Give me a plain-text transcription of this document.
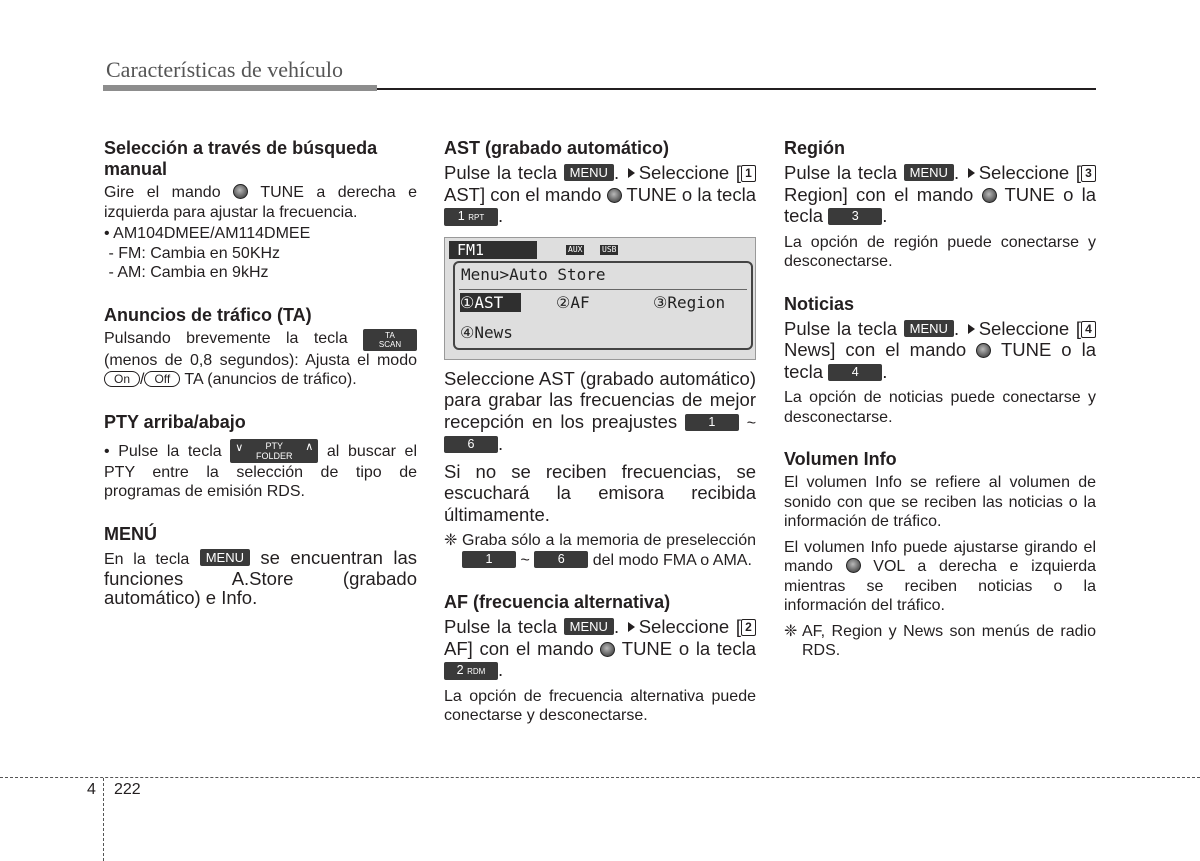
Características de vehículo
Selección a través de búsqueda manual

Gire el mando TUNE a derecha e izquierda para ajustar la frecuencia.

• AM104DMEE/AM114DMEE

- FM: Cambia en 50KHz

- AM: Cambia en 9kHz

Anuncios de tráfico (TA)

Pulsando brevemente la tecla	TA
SCAN (menos de 0,8 segundos): Ajusta el modo On / Off TA (anuncios de tráfico).

PTY arriba/abajo

• Pulse la tecla ∨ PTY
FOLDER
∧ al buscar el PTY entre la selección de tipo de programas de emisión RDS.

MENÚ

En la tecla MENU se encuentran las funciones A.Store (grabado automático) e Info.

AST (grabado automático)

Pulse la tecla MENU . Seleccione [ 1AST] con el mando TUNE o la tecla 1 RPT .

FM1	AUX USB
Menu>Auto Store
①AST	②AF	③Region
④News

Seleccione AST (grabado automático) para grabar las frecuencias de mejor recepción en los preajustes	1 ~ 6 .

Si no se reciben frecuencias, se escuchará la emisora recibida últimamente.

❈ Graba sólo a la memoria de preselección 1 ~ 6 del modo FMA o AMA.

AF (frecuencia alternativa)

Pulse la tecla MENU . Seleccione [ 2AF] con el mando TUNE o la tecla 2 RDM .

La opción de frecuencia alternativa puede conectarse y desconectarse.

Región

Pulse la tecla MENU . Seleccione [ 3Region] con el mando TUNE o la tecla 3 .

La opción de región puede conectarse y desconectarse.

Noticias

Pulse la tecla MENU . Seleccione [ 4News] con el mando TUNE o la tecla 4 .

La opción de noticias puede conectarse y desconectarse.

Volumen Info

El volumen Info se refiere al volumen de sonido con que se reciben las noticias o la información de tráfico.

El volumen Info puede ajustarse girando el mando	VOL a derecha e izquierda mientras se reciben noticias o la información del tráfico.

❈ AF, Region y News son menús de radio RDS.

4 222
